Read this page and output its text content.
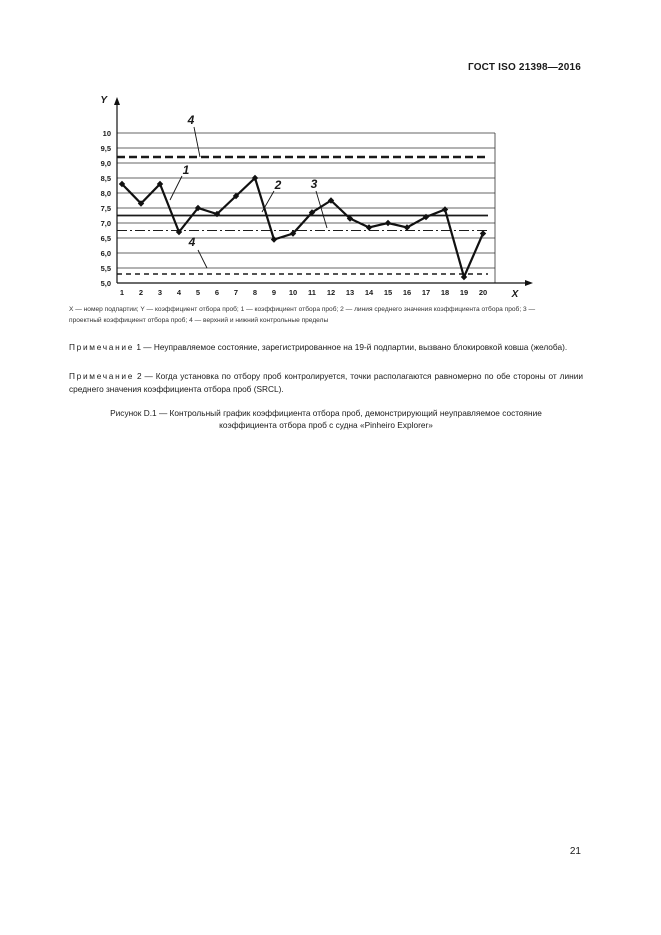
ГОСТ ISO 21398—2016
5,0
5,5
6,0
6,5
7,0
7,5
8,0
8,5
9,0
9,5
10
1 2 3 4 5 6 7 8 9 10 11 12 13 14 15 16 17 18 19 20
Y
X
1
2 3
4
4
X — номер подпартии; Y — коэффициент отбора проб; 1 — коэффициент отбора проб; 2 — линия среднего значения коэффициента отбора проб; 3 — проектный коэффициент отбора проб; 4 — верхний и нижний контрольные пределы
Примечание 1 — Неуправляемое состояние, зарегистрированное на 19-й подпартии, вызвано блокировкой ковша (желоба).
Примечание 2 — Когда установка по отбору проб контролируется, точки располагаются равномерно по обе стороны от линии среднего значения коэффициента отбора проб (SRCL).
Рисунок D.1 — Контрольный график коэффициента отбора проб, демонстрирующий неуправляемое состояние
коэффициента отбора проб с судна «Pinheiro Explorer»
21
